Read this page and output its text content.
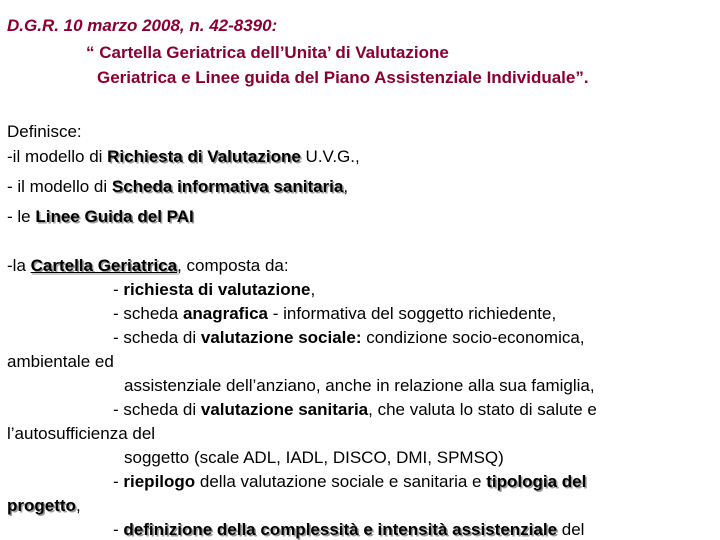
D.G.R. 10 marzo 2008, n. 42-8390:
“ Cartella Geriatrica dell’Unita’ di Valutazione
Geriatrica e Linee guida del Piano Assistenziale Individuale”.
Definisce:
-il modello di Richiesta di Valutazione U.V.G.,
- il modello di Scheda informativa sanitaria,
- le Linee Guida del PAI
-la Cartella Geriatrica, composta da:
- richiesta di valutazione,
- scheda anagrafica - informativa del soggetto richiedente,
- scheda di valutazione sociale: condizione socio-economica,
ambientale ed
assistenziale dell’anziano, anche in relazione alla sua famiglia,
- scheda di valutazione sanitaria, che valuta lo stato di salute e
l’autosufficienza del
soggetto (scale ADL, IADL, DISCO, DMI, SPMSQ)
- riepilogo della valutazione sociale e sanitaria e tipologia del
progetto,
- definizione della complessità e intensità assistenziale del
